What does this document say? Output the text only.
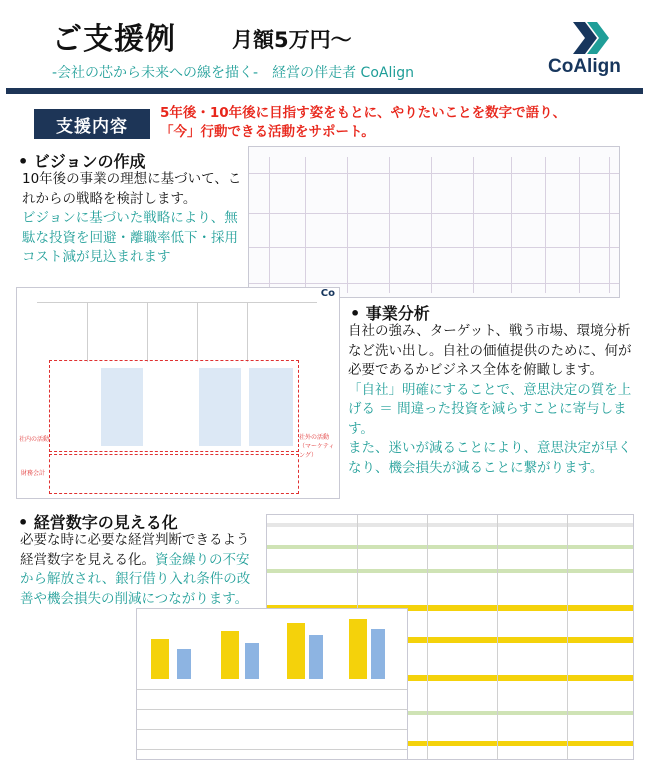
ご支援例	月額5万円～
-会社の芯から未来への線を描く-　経営の伴走者 CoAlign	CoAlign
支援内容
5年後・10年後に目指す姿をもとに、やりたいことを数字で語り、
「今」行動できる活動をサポート。
• ビジョンの作成
10年後の事業の理想に基づいて、これからの戦略を検討します。
ビジョンに基づいた戦略により、無駄な投資を回避・離職率低下・採用コスト減が見込まれます
Co
社内の活動	社外の活動（マーケティング）
財務会計
• 事業分析
自社の強み、ターゲット、戦う市場、環境分析など洗い出し。自社の価値提供のために、何が必要であるかビジネス全体を俯瞰します。
「自社」明確にすることで、意思決定の質を上げる ＝ 間違った投資を減らすことに寄与します。
また、迷いが減ることにより、意思決定が早くなり、機会損失が減ることに繋がります。
• 経営数字の見える化
必要な時に必要な経営判断できるよう経営数字を見える化。資金繰りの不安から解放され、銀行借り入れ条件の改善や機会損失の削減につながります。
